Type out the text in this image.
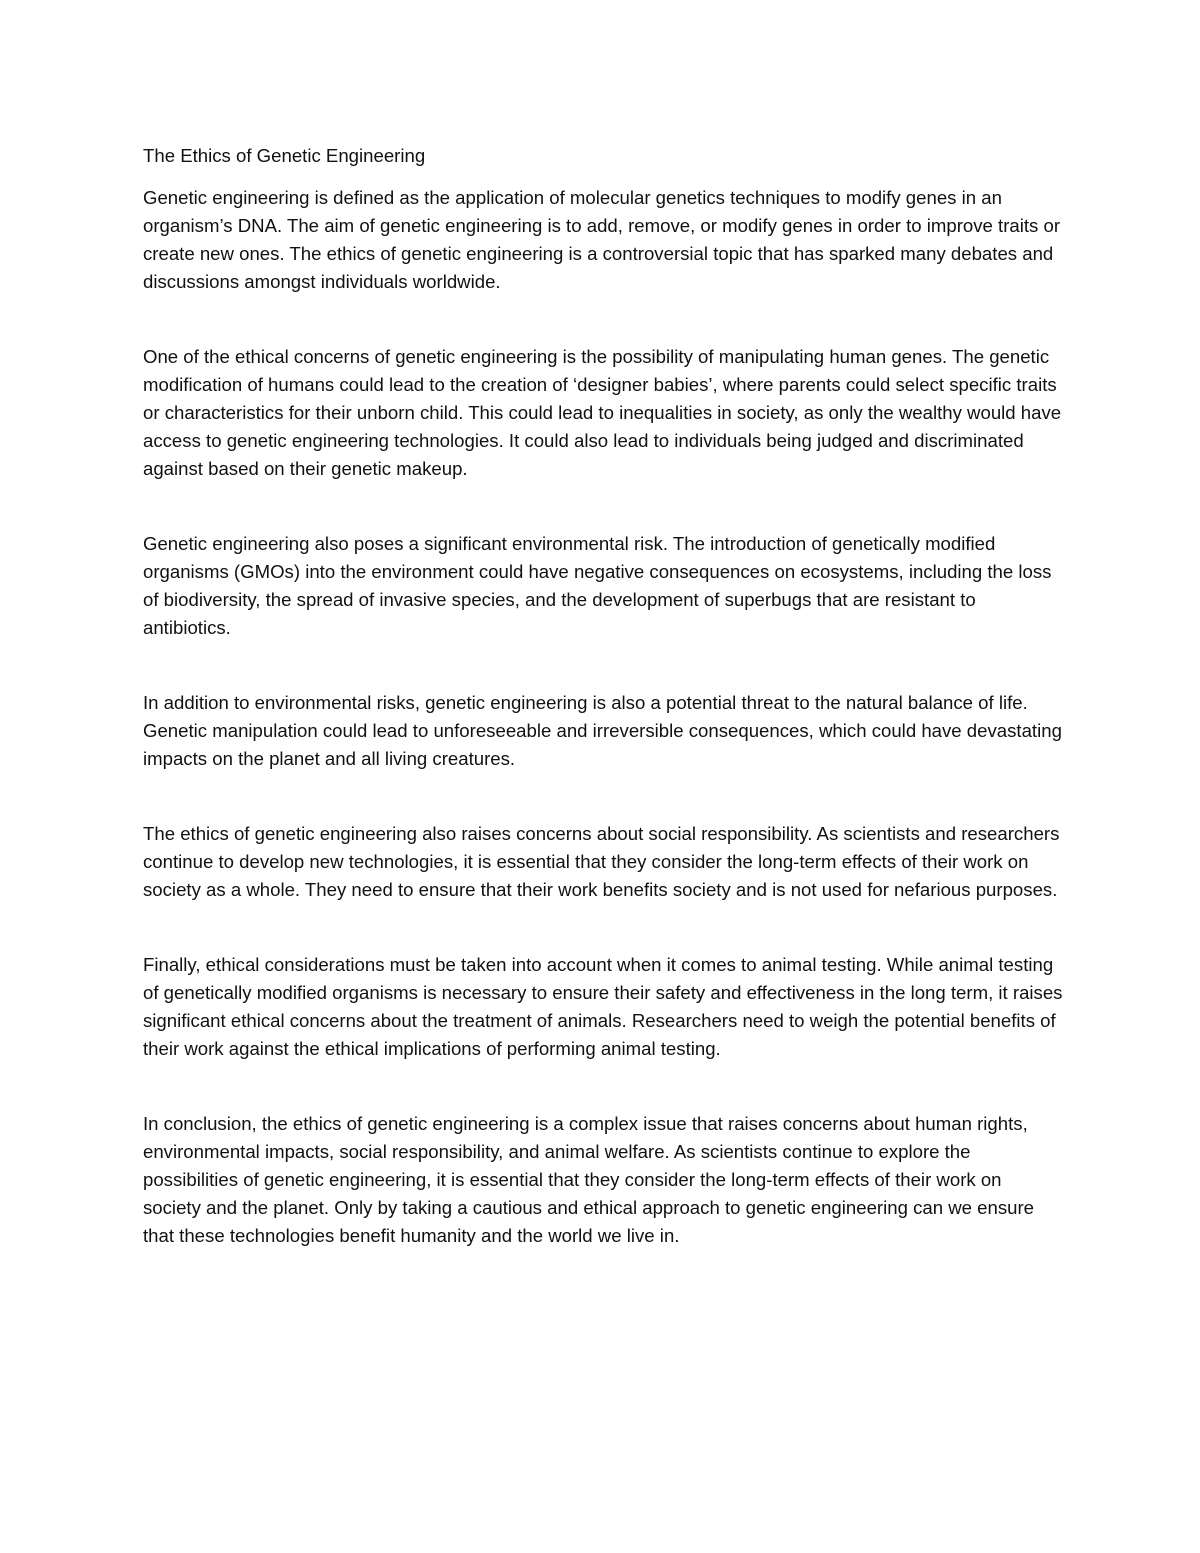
The Ethics of Genetic Engineering

Genetic engineering is defined as the application of molecular genetics techniques to modify genes in an organism’s DNA. The aim of genetic engineering is to add, remove, or modify genes in order to improve traits or create new ones. The ethics of genetic engineering is a controversial topic that has sparked many debates and discussions amongst individuals worldwide.

One of the ethical concerns of genetic engineering is the possibility of manipulating human genes. The genetic modification of humans could lead to the creation of ‘designer babies’, where parents could select specific traits or characteristics for their unborn child. This could lead to inequalities in society, as only the wealthy would have access to genetic engineering technologies. It could also lead to individuals being judged and discriminated against based on their genetic makeup.

Genetic engineering also poses a significant environmental risk. The introduction of genetically modified organisms (GMOs) into the environment could have negative consequences on ecosystems, including the loss of biodiversity, the spread of invasive species, and the development of superbugs that are resistant to antibiotics.

In addition to environmental risks, genetic engineering is also a potential threat to the natural balance of life. Genetic manipulation could lead to unforeseeable and irreversible consequences, which could have devastating impacts on the planet and all living creatures.

The ethics of genetic engineering also raises concerns about social responsibility. As scientists and researchers continue to develop new technologies, it is essential that they consider the long-term effects of their work on society as a whole. They need to ensure that their work benefits society and is not used for nefarious purposes.

Finally, ethical considerations must be taken into account when it comes to animal testing. While animal testing of genetically modified organisms is necessary to ensure their safety and effectiveness in the long term, it raises significant ethical concerns about the treatment of animals. Researchers need to weigh the potential benefits of their work against the ethical implications of performing animal testing.

In conclusion, the ethics of genetic engineering is a complex issue that raises concerns about human rights, environmental impacts, social responsibility, and animal welfare. As scientists continue to explore the possibilities of genetic engineering, it is essential that they consider the long-term effects of their work on society and the planet. Only by taking a cautious and ethical approach to genetic engineering can we ensure that these technologies benefit humanity and the world we live in.
